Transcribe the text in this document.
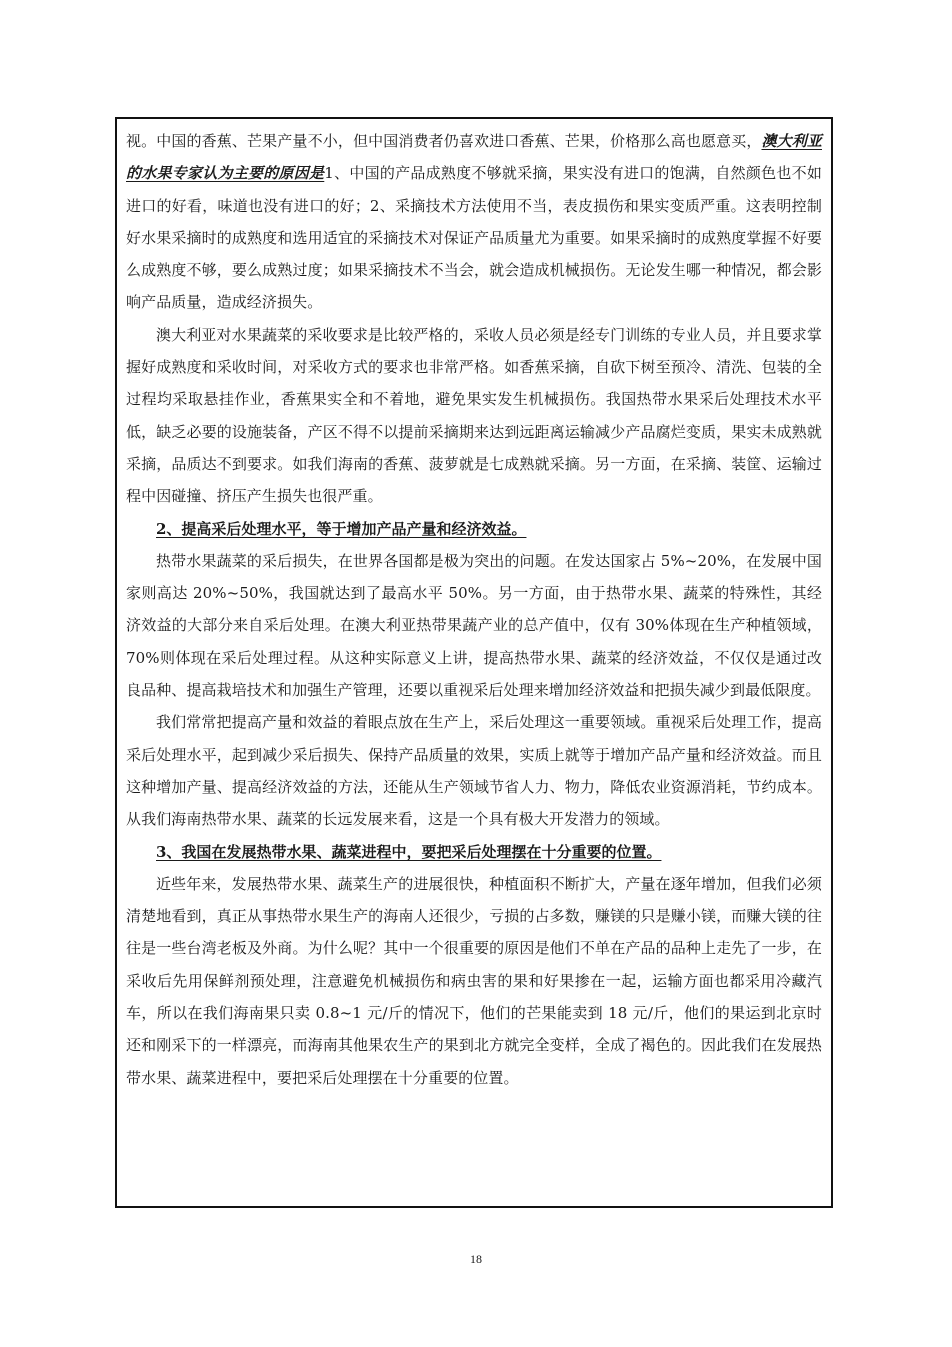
视。中国的香蕉、芒果产量不小，但中国消费者仍喜欢进口香蕉、芒果，价格那么高也愿意买，澳大利亚的水果专家认为主要的原因是1、中国的产品成熟度不够就采摘，果实没有进口的饱满，自然颜色也不如进口的好看，味道也没有进口的好；2、采摘技术方法使用不当，表皮损伤和果实变质严重。这表明控制好水果采摘时的成熟度和选用适宜的采摘技术对保证产品质量尤为重要。如果采摘时的成熟度掌握不好要么成熟度不够，要么成熟过度；如果采摘技术不当会，就会造成机械损伤。无论发生哪一种情况，都会影响产品质量，造成经济损失。

澳大利亚对水果蔬菜的采收要求是比较严格的，采收人员必须是经专门训练的专业人员，并且要求掌握好成熟度和采收时间，对采收方式的要求也非常严格。如香蕉采摘，自砍下树至预冷、清洗、包装的全过程均采取悬挂作业，香蕉果实全和不着地，避免果实发生机械损伤。我国热带水果采后处理技术水平低，缺乏必要的设施装备，产区不得不以提前采摘期来达到远距离运输减少产品腐烂变质，果实未成熟就采摘，品质达不到要求。如我们海南的香蕉、菠萝就是七成熟就采摘。另一方面，在采摘、装筐、运输过程中因碰撞、挤压产生损失也很严重。

2、提高采后处理水平，等于增加产品产量和经济效益。

热带水果蔬菜的采后损失，在世界各国都是极为突出的问题。在发达国家占 5%~20%，在发展中国家则高达 20%~50%，我国就达到了最高水平 50%。另一方面，由于热带水果、蔬菜的特殊性，其经济效益的大部分来自采后处理。在澳大利亚热带果蔬产业的总产值中，仅有 30%体现在生产种植领域，70%则体现在采后处理过程。从这种实际意义上讲，提高热带水果、蔬菜的经济效益，不仅仅是通过改良品种、提高栽培技术和加强生产管理，还要以重视采后处理来增加经济效益和把损失减少到最低限度。

我们常常把提高产量和效益的着眼点放在生产上，采后处理这一重要领域。重视采后处理工作，提高采后处理水平，起到减少采后损失、保持产品质量的效果，实质上就等于增加产品产量和经济效益。而且这种增加产量、提高经济效益的方法，还能从生产领域节省人力、物力，降低农业资源消耗，节约成本。从我们海南热带水果、蔬菜的长远发展来看，这是一个具有极大开发潜力的领域。

3、我国在发展热带水果、蔬菜进程中，要把采后处理摆在十分重要的位置。

近些年来，发展热带水果、蔬菜生产的进展很快，种植面积不断扩大，产量在逐年增加，但我们必须清楚地看到，真正从事热带水果生产的海南人还很少，亏损的占多数，赚镁的只是赚小镁，而赚大镁的往往是一些台湾老板及外商。为什么呢？其中一个很重要的原因是他们不单在产品的品种上走先了一步，在采收后先用保鲜剂预处理，注意避免机械损伤和病虫害的果和好果掺在一起，运输方面也都采用冷藏汽车，所以在我们海南果只卖 0.8~1 元/斤的情况下，他们的芒果能卖到 18 元/斤，他们的果运到北京时还和刚采下的一样漂亮，而海南其他果农生产的果到北方就完全变样，全成了褐色的。因此我们在发展热带水果、蔬菜进程中，要把采后处理摆在十分重要的位置。

18
